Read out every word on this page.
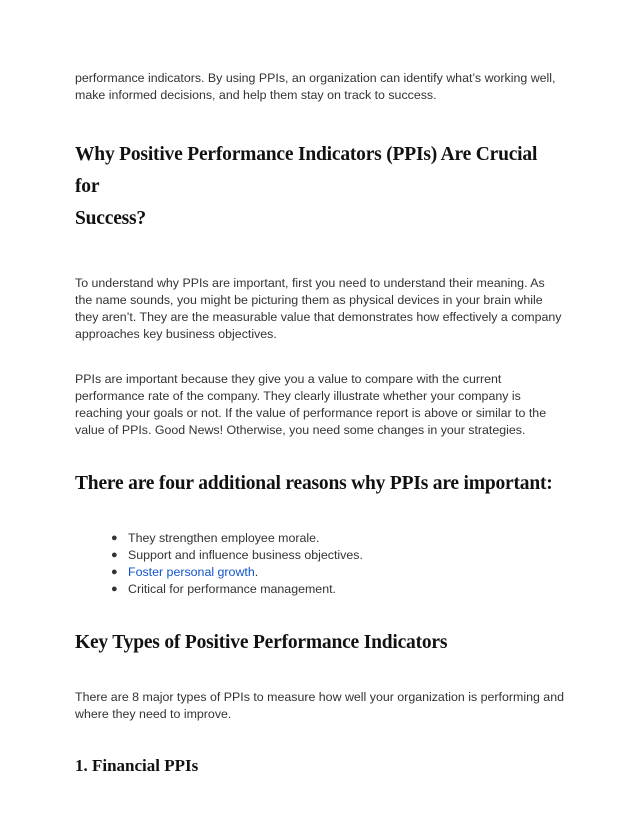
performance indicators. By using PPIs, an organization can identify what’s working well, make informed decisions, and help them stay on track to success.

Why Positive Performance Indicators (PPIs) Are Crucial for
Success?

To understand why PPIs are important, first you need to understand their meaning. As the name sounds, you might be picturing them as physical devices in your brain while they aren’t. They are the measurable value that demonstrates how effectively a company approaches key business objectives.

PPIs are important because they give you a value to compare with the current performance rate of the company. They clearly illustrate whether your company is reaching your goals or not. If the value of performance report is above or similar to the value of PPIs. Good News! Otherwise, you need some changes in your strategies.

There are four additional reasons why PPIs are important:
● They strengthen employee morale.
● Support and influence business objectives.
● Foster personal growth.
● Critical for performance management.
Key Types of Positive Performance Indicators

There are 8 major types of PPIs to measure how well your organization is performing and where they need to improve.

1. Financial PPIs
